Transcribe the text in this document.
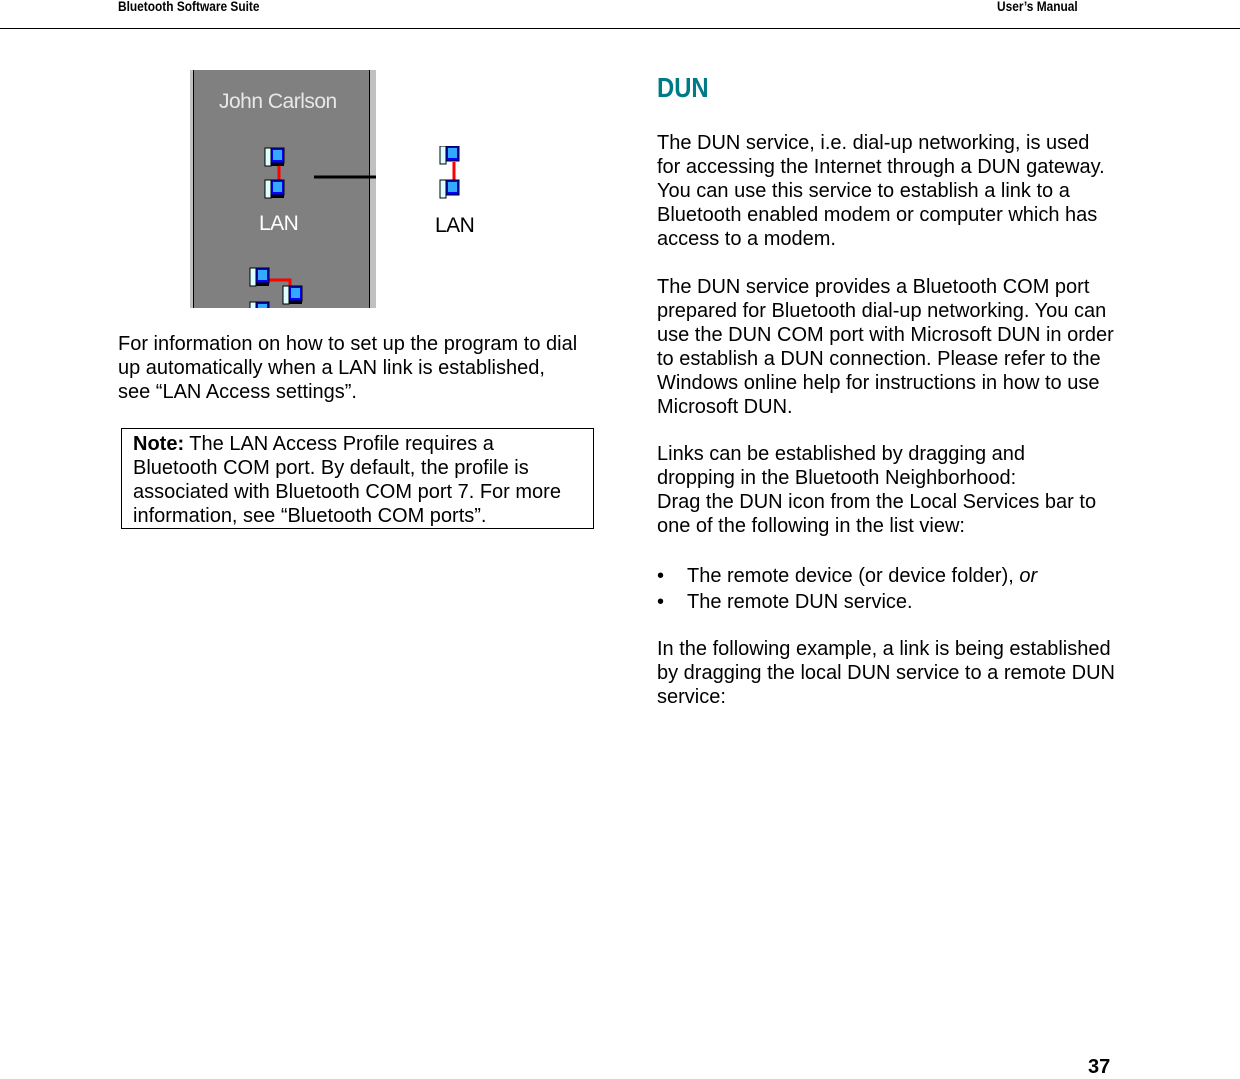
Bluetooth Software Suite	User’s Manual
John Carlson
LAN	LAN

For information on how to set up the program to dial up automatically when a LAN link is established, see “LAN Access settings”.

Note: The LAN Access Profile requires a Bluetooth COM port. By default, the profile is associated with Bluetooth COM port 7. For more information, see “Bluetooth COM ports”.
DUN

The DUN service, i.e. dial-up networking, is used for accessing the Internet through a DUN gateway. You can use this service to establish a link to a Bluetooth enabled modem or computer which has access to a modem.

The DUN service provides a Bluetooth COM port prepared for Bluetooth dial-up networking. You can use the DUN COM port with Microsoft DUN in order to establish a DUN connection. Please refer to the Windows online help for instructions in how to use Microsoft DUN.

Links can be established by dragging and dropping in the Bluetooth Neighborhood:

Drag the DUN icon from the Local Services bar to one of the following in the list view:

• The remote device (or device folder), or
• The remote DUN service.

In the following example, a link is being established by dragging the local DUN service to a remote DUN service:

37
